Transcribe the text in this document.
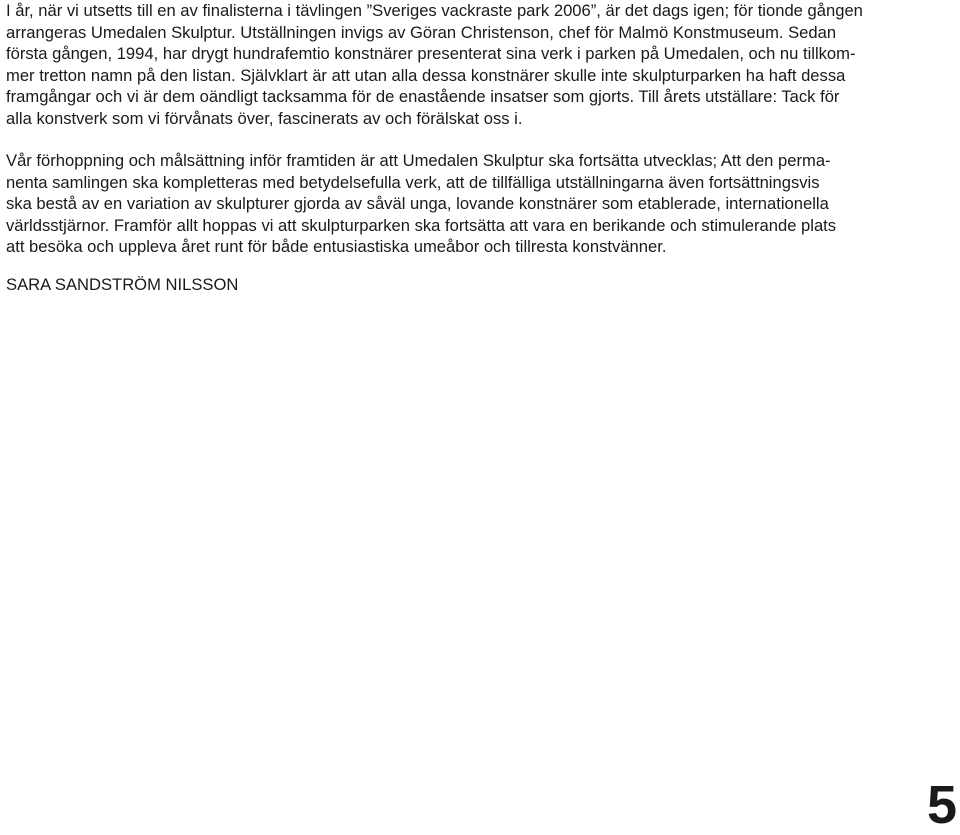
I år, när vi utsetts till en av finalisterna i tävlingen ”Sveriges vackraste park 2006”, är det dags igen; för tionde gången
arrangeras Umedalen Skulptur. Utställningen invigs av Göran Christenson, chef för Malmö Konstmuseum. Sedan
första gången, 1994, har drygt hundrafemtio konstnärer presenterat sina verk i parken på Umedalen, och nu tillkom-
mer tretton namn på den listan. Självklart är att utan alla dessa konstnärer skulle inte skulpturparken ha haft dessa
framgångar och vi är dem oändligt tacksamma för de enastående insatser som gjorts. Till årets utställare: Tack för
alla konstverk som vi förvånats över, fascinerats av och förälskat oss i.
Vår förhoppning och målsättning inför framtiden är att Umedalen Skulptur ska fortsätta utvecklas; Att den perma-
nenta samlingen ska kompletteras med betydelsefulla verk, att de tillfälliga utställningarna även fortsättningsvis
ska bestå av en variation av skulpturer gjorda av såväl unga, lovande konstnärer som etablerade, internationella
världsstjärnor. Framför allt hoppas vi att skulpturparken ska fortsätta att vara en berikande och stimulerande plats
att besöka och uppleva året runt för både entusiastiska umeåbor och tillresta konstvänner.
SARA SANDSTRÖM NILSSON
5
